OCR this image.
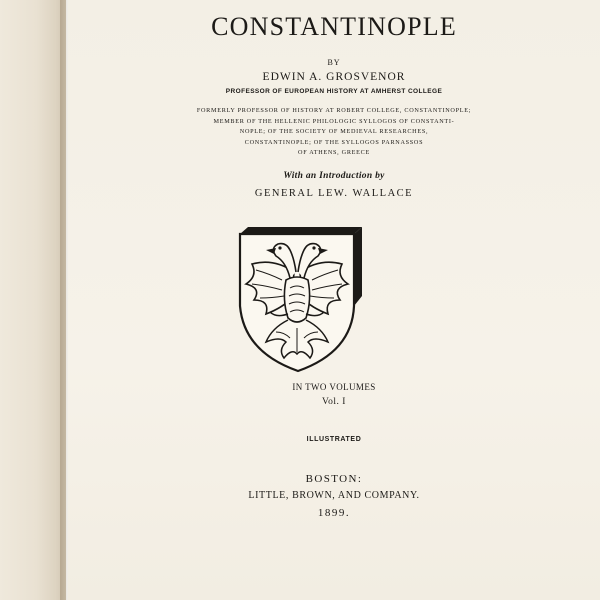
CONSTANTINOPLE
BY
EDWIN A. GROSVENOR
PROFESSOR OF EUROPEAN HISTORY AT AMHERST COLLEGE
FORMERLY PROFESSOR OF HISTORY AT ROBERT COLLEGE, CONSTANTINOPLE;
MEMBER OF THE HELLENIC PHILOLOGIC SYLLOGOS OF CONSTANTI-
NOPLE; OF THE SOCIETY OF MEDIEVAL RESEARCHES,
CONSTANTINOPLE; OF THE SYLLOGOS PARNASSOS
OF ATHENS, GREECE
With an Introduction by
GENERAL LEW. WALLACE
IN TWO VOLUMES
Vol. I
ILLUSTRATED
BOSTON:
LITTLE, BROWN, AND COMPANY.
1899.
